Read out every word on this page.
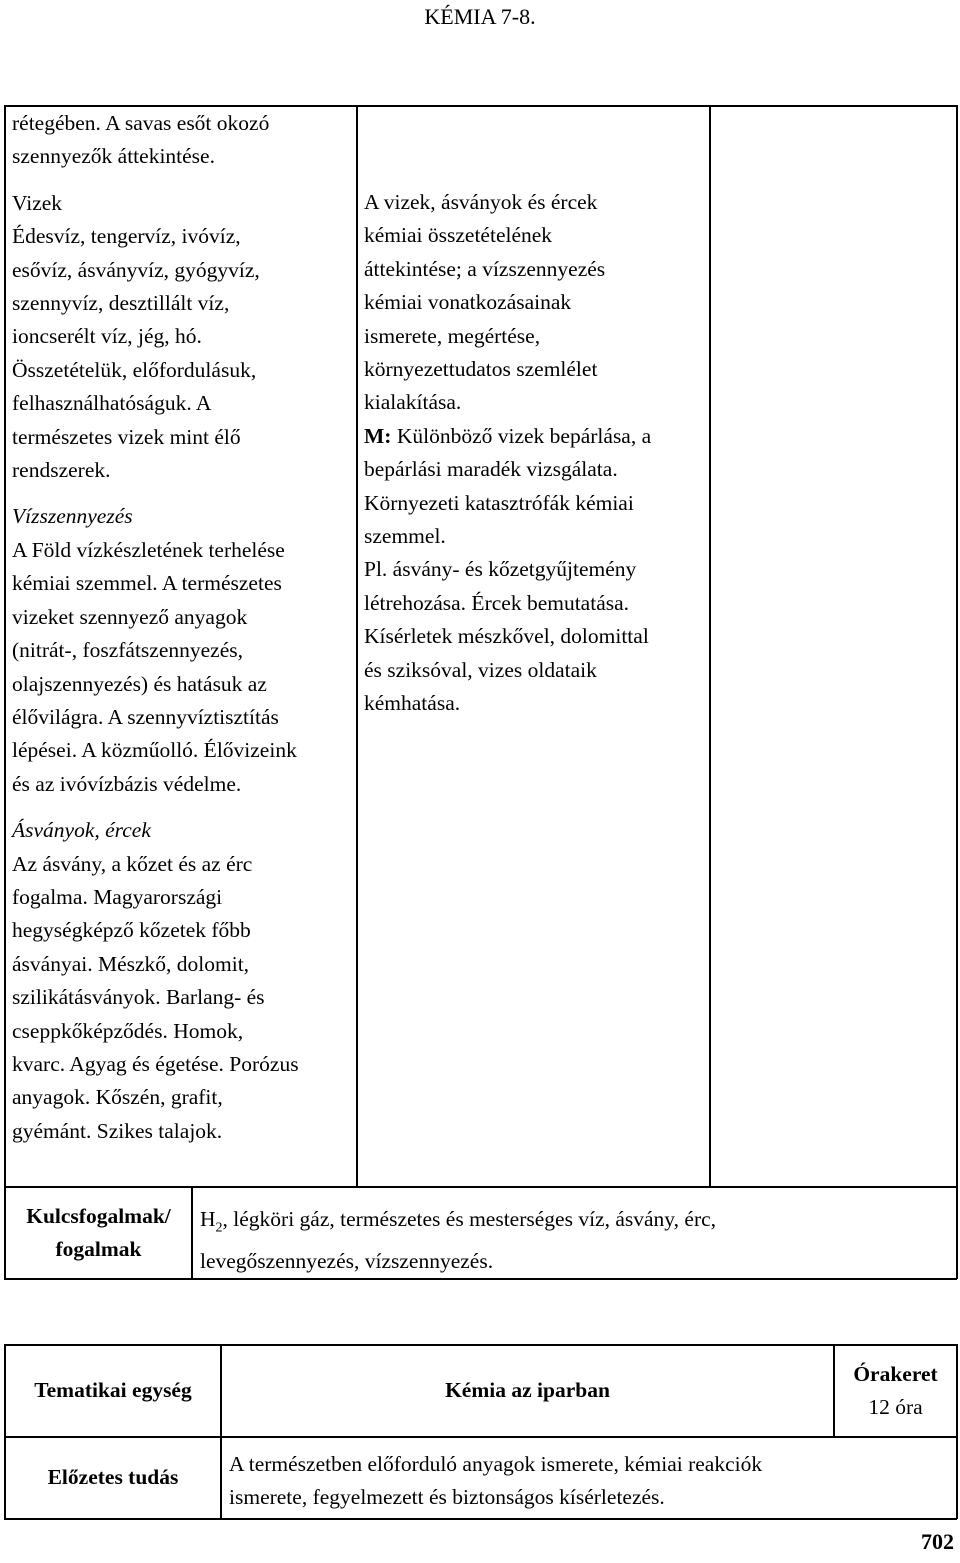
KÉMIA 7-8.
rétegében. A savas esőt okozó
szennyezők áttekintése.
Vizek
Édesvíz, tengervíz, ivóvíz,
esővíz, ásványvíz, gyógyvíz,
szennyvíz, desztillált víz,
ioncserélt víz, jég, hó.
Összetételük, előfordulásuk,
felhasználhatóságuk. A
természetes vizek mint élő
rendszerek.
Vízszennyezés
A Föld vízkészletének terhelése
kémiai szemmel. A természetes
vizeket szennyező anyagok
(nitrát-, foszfátszennyezés,
olajszennyezés) és hatásuk az
élővilágra. A szennyvíztisztítás
lépései. A közműolló. Élővizeink
és az ivóvízbázis védelme.
Ásványok, ércek
Az ásvány, a kőzet és az érc
fogalma. Magyarországi
hegységképző kőzetek főbb
ásványai. Mészkő, dolomit,
szilikátásványok. Barlang- és
cseppkőképződés. Homok,
kvarc. Agyag és égetése. Porózus
anyagok. Kőszén, grafit,
gyémánt. Szikes talajok.
A vizek, ásványok és ércek
kémiai összetételének
áttekintése; a vízszennyezés
kémiai vonatkozásainak
ismerete, megértése,
környezettudatos szemlélet
kialakítása.
M: Különböző vizek bepárlása, a
bepárlási maradék vizsgálata.
Környezeti katasztrófák kémiai
szemmel.
Pl. ásvány- és kőzetgyűjtemény
létrehozása. Ércek bemutatása.
Kísérletek mészkővel, dolomittal
és sziksóval, vizes oldataik
kémhatása.
Kulcsfogalmak/
fogalmak
$H_2$, légköri gáz, természetes és mesterséges víz, ásvány, érc,
levegőszennyezés, vízszennyezés.
Tematikai egység	Kémia az iparban
Órakeret
12 óra
Előzetes tudás
A természetben előforduló anyagok ismerete, kémiai reakciók
ismerete, fegyelmezett és biztonságos kísérletezés.
702
